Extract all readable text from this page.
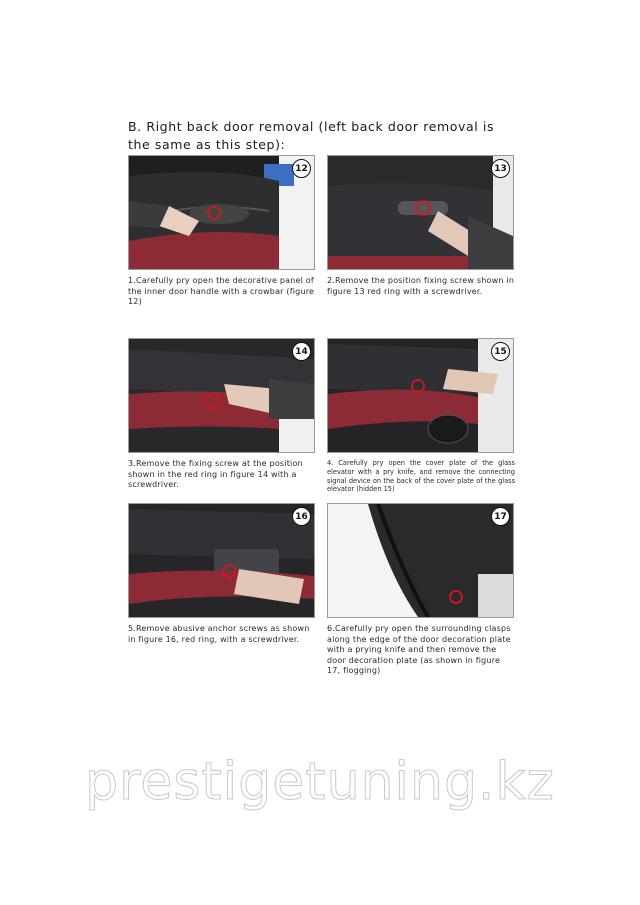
B. Right back door removal (left back door removal is the same as this step):
12
1.Carefully pry open the decorative panel of the inner door handle with a crowbar (figure 12)
13
2.Remove the position fixing screw shown in figure 13 red ring with a screwdriver.
14
3.Remove the fixing screw at the position shown in the red ring in figure 14 with a screwdriver.
15
4. Carefully pry open the cover plate of the glass elevator with a pry knife, and remove the connecting signal device on the back of the cover plate of the glass elevator (hidden 15)
16
5.Remove abusive anchor screws as shown in figure 16, red ring, with a screwdriver.
17
6.Carefully pry open the surrounding clasps along the edge of the door decoration plate with a prying knife and then remove the door decoration plate (as shown in figure 17, flogging)
prestigetuning.kz
